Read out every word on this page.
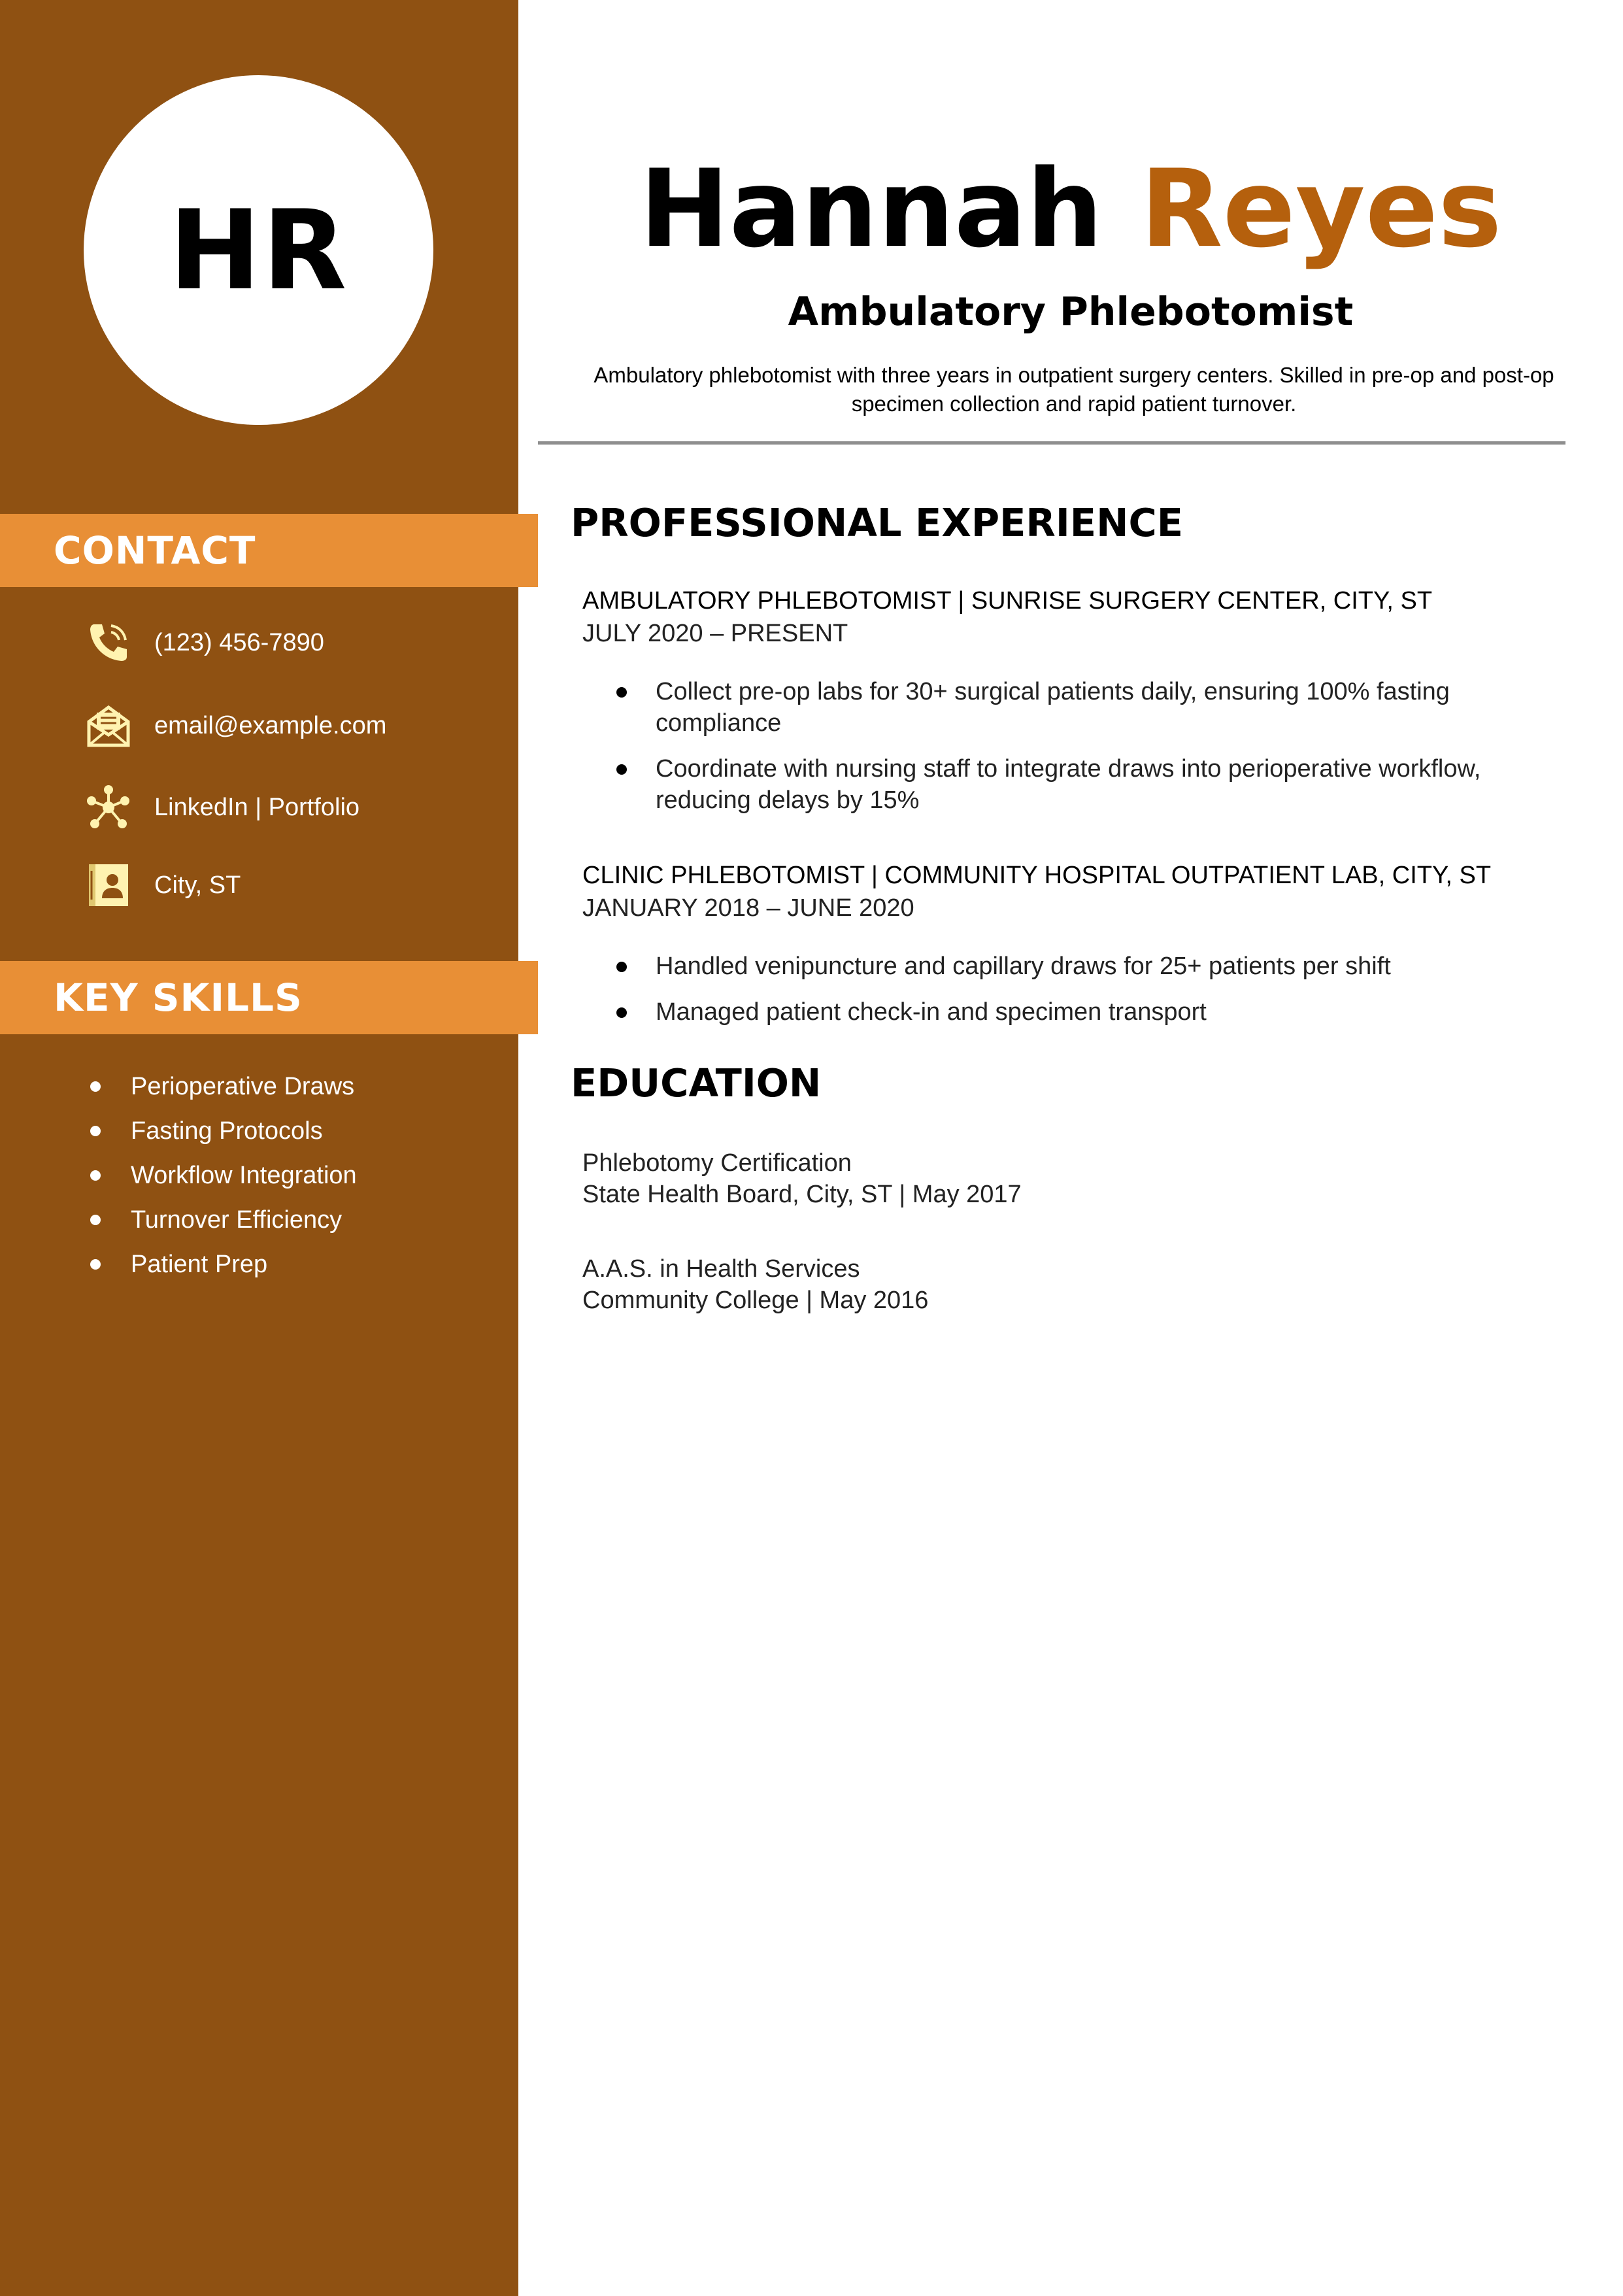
HR
CONTACT
(123) 456-7890
email@example.com
LinkedIn | Portfolio
City, ST
KEY SKILLS
Perioperative Draws
Fasting Protocols
Workflow Integration
Turnover Efficiency
Patient Prep
Hannah Reyes
Ambulatory Phlebotomist

Ambulatory phlebotomist with three years in outpatient surgery centers. Skilled in pre-op and post-op specimen collection and rapid patient turnover.

PROFESSIONAL EXPERIENCE
AMBULATORY PHLEBOTOMIST | SUNRISE SURGERY CENTER, CITY, ST
JULY 2020 – PRESENT
Collect pre-op labs for 30+ surgical patients daily, ensuring 100% fasting compliance
Coordinate with nursing staff to integrate draws into perioperative workflow, reducing delays by 15%
CLINIC PHLEBOTOMIST | COMMUNITY HOSPITAL OUTPATIENT LAB, CITY, ST
JANUARY 2018 – JUNE 2020
Handled venipuncture and capillary draws for 25+ patients per shift
Managed patient check-in and specimen transport
EDUCATION
Phlebotomy Certification
State Health Board, City, ST | May 2017
A.A.S. in Health Services
Community College | May 2016
